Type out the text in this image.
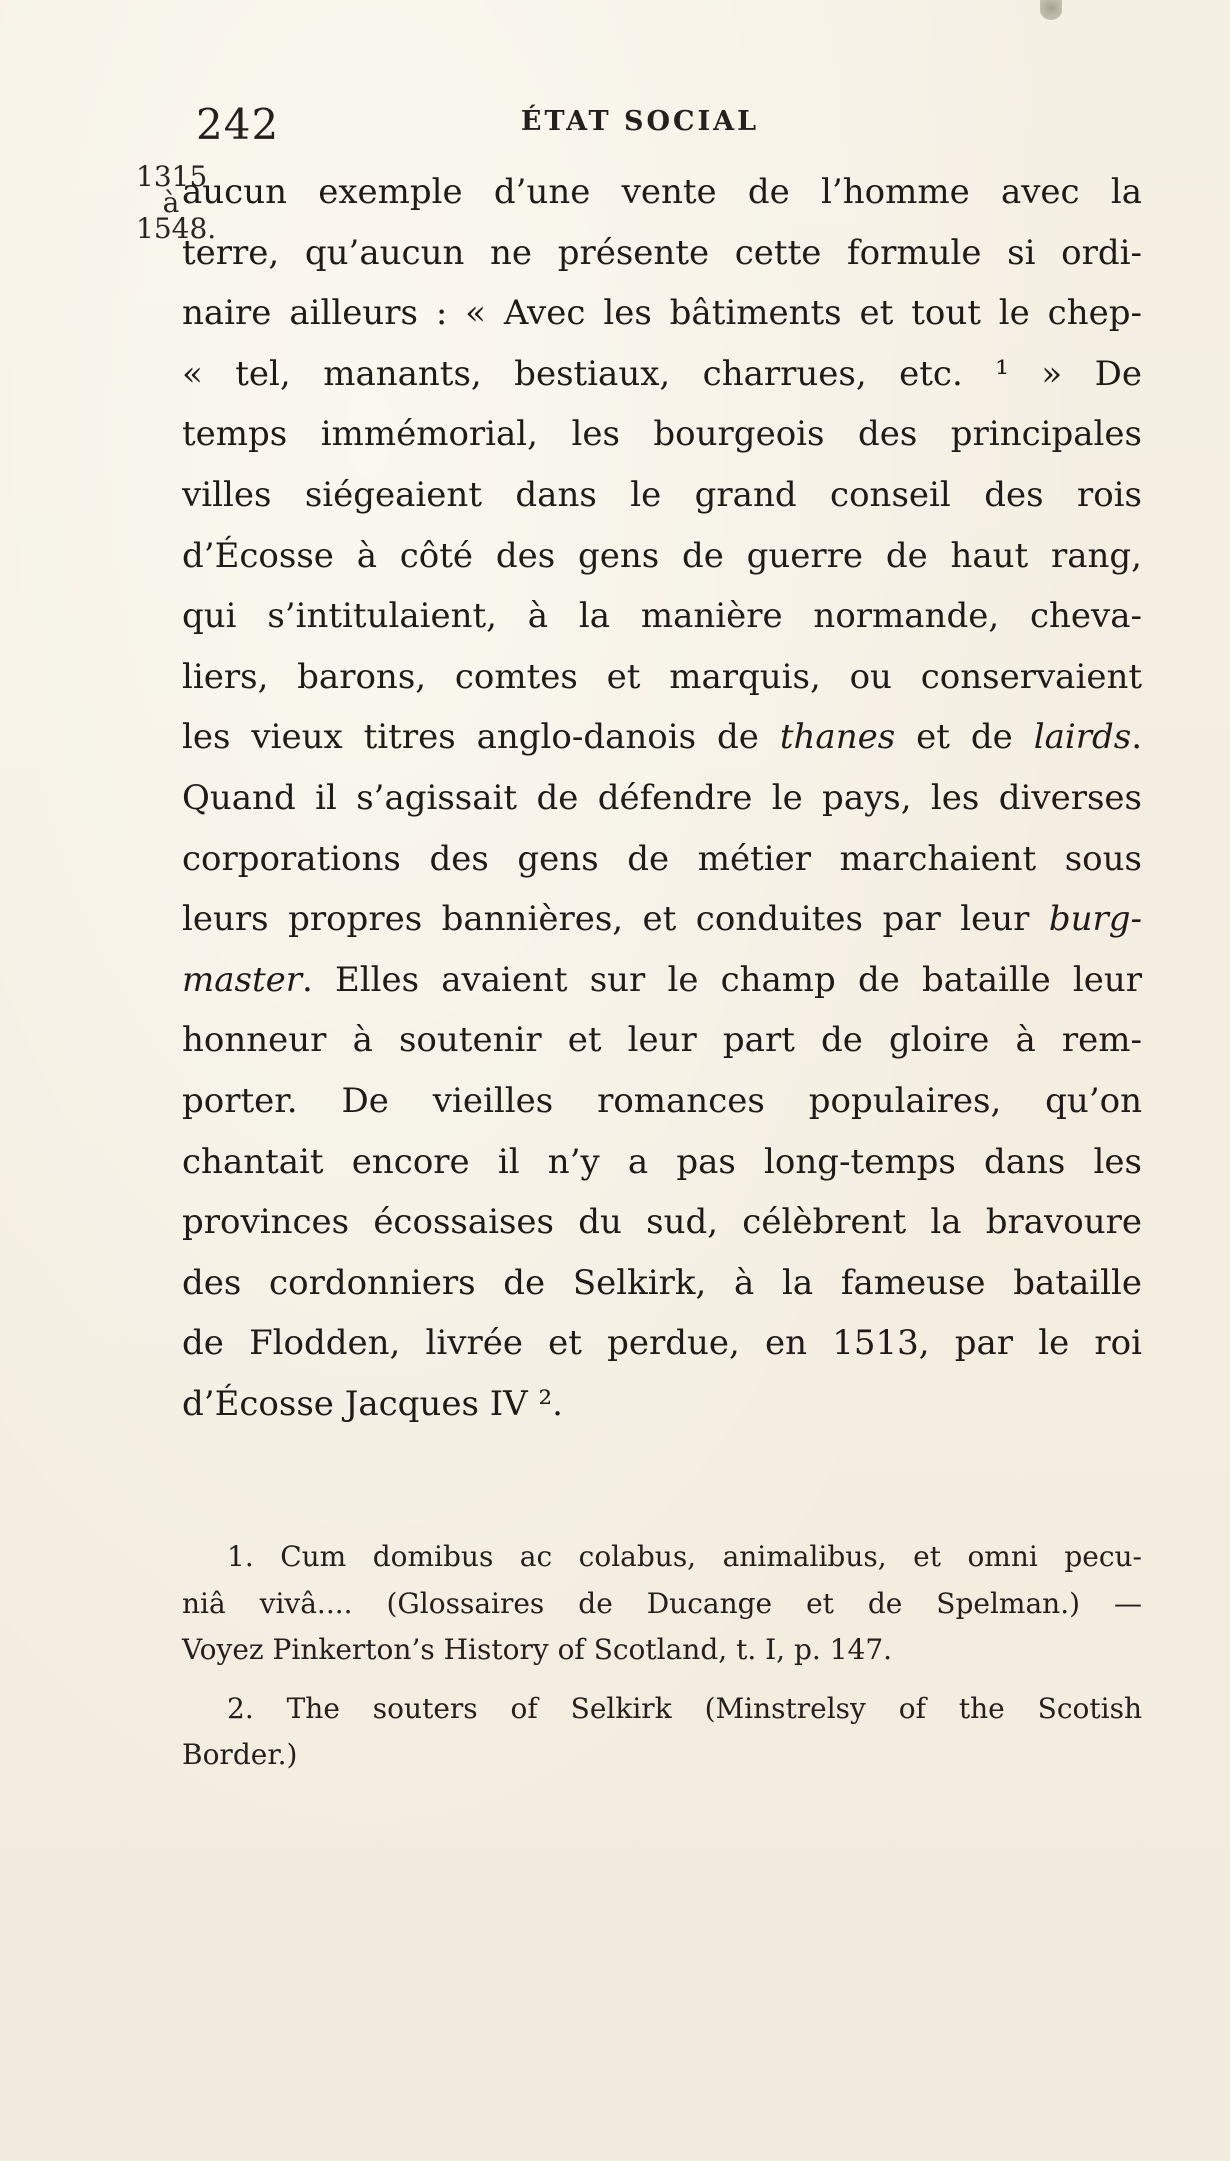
242	ÉTAT SOCIAL
1315
à
1548.
aucun exemple d’une vente de l’homme avec la
terre, qu’aucun ne présente cette formule si ordi-
naire ailleurs : « Avec les bâtiments et tout le chep-
« tel, manants, bestiaux, charrues, etc. ¹ » De
temps immémorial, les bourgeois des principales
villes siégeaient dans le grand conseil des rois
d’Écosse à côté des gens de guerre de haut rang,
qui s’intitulaient, à la manière normande, cheva-
liers, barons, comtes et marquis, ou conservaient
les vieux titres anglo-danois de thanes et de lairds.
Quand il s’agissait de défendre le pays, les diverses
corporations des gens de métier marchaient sous
leurs propres bannières, et conduites par leur burg-
master. Elles avaient sur le champ de bataille leur
honneur à soutenir et leur part de gloire à rem-
porter. De vieilles romances populaires, qu’on
chantait encore il n’y a pas long-temps dans les
provinces écossaises du sud, célèbrent la bravoure
des cordonniers de Selkirk, à la fameuse bataille
de Flodden, livrée et perdue, en 1513, par le roi
d’Écosse Jacques IV ².
1. Cum domibus ac colabus, animalibus, et omni pecu-
niâ vivâ.... (Glossaires de Ducange et de Spelman.) —
Voyez Pinkerton’s History of Scotland, t. I, p. 147.
2. The souters of Selkirk (Minstrelsy of the Scotish
Border.)
